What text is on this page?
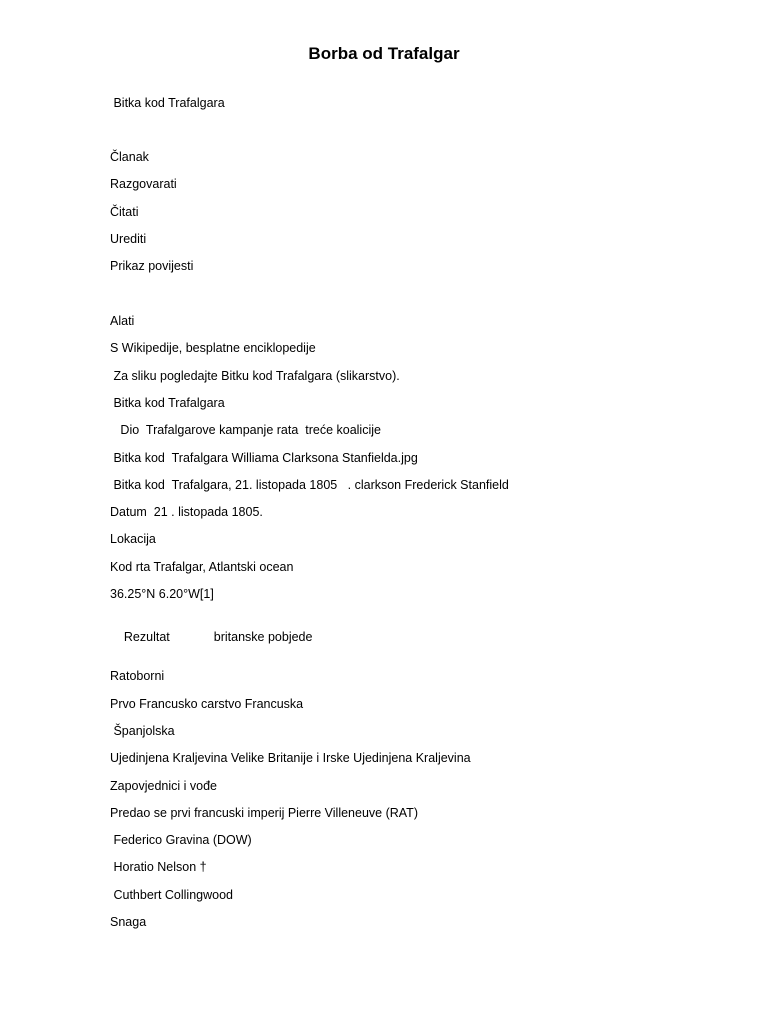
Borba od Trafalgar
Bitka kod Trafalgara
Članak
Razgovarati
Čitati
Urediti
Prikaz povijesti
Alati
S Wikipedije, besplatne enciklopedije
Za sliku pogledajte Bitku kod Trafalgara (slikarstvo).
Bitka kod Trafalgara
Dio  Trafalgarove kampanje rata  treće koalicije
Bitka kod  Trafalgara Williama Clarksona Stanfielda.jpg
Bitka kod  Trafalgara, 21. listopada 1805   . clarkson Frederick Stanfield
Datum  21 . listopada 1805.
Lokacija
Kod rta Trafalgar, Atlantski ocean
36.25°N 6.20°W[1]

Rezultat	britanske pobjede

Ratoborni
Prvo Francusko carstvo Francuska
Španjolska
Ujedinjena Kraljevina Velike Britanije i Irske Ujedinjena Kraljevina
Zapovjednici i vođe
Predao se prvi francuski imperij Pierre Villeneuve (RAT)
Federico Gravina (DOW)
Horatio Nelson †
Cuthbert Collingwood
Snaga
